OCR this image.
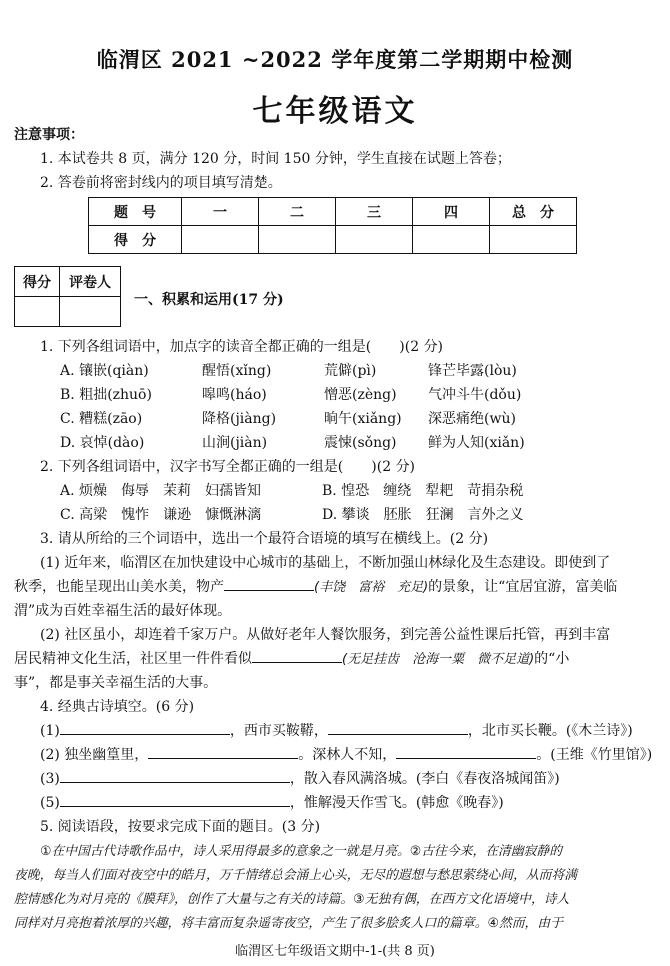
临渭区 2021 ~2022 学年度第二学期期中检测
七年级语文
注意事项：
1. 本试卷共 8 页，满分 120 分，时间 150 分钟，学生直接在试题上答卷；
2. 答卷前将密封线内的项目填写清楚。
题　号	一	二	三	四	总　分
得　分					
得分	评卷人

一、积累和运用(17 分)
1. 下列各组词语中，加点字的读音全都正确的一组是( )(2 分)
A. 镶嵌(qiàn)	醒悟(xǐng)	荒僻(pì)	锋芒毕露(lòu)
B. 粗拙(zhuō)	嗥鸣(háo)	憎恶(zèng) 气冲斗牛(dǒu)
C. 糟糕(zāo)	降格(jiàng)	晌午(xiǎng) 深恶痛绝(wù)
D. 哀悼(dào)	山涧(jiàn)	震悚(sǒng) 鲜为人知(xiǎn)
2. 下列各组词语中，汉字书写全都正确的一组是( )(2 分)
A. 烦燥　侮辱　茉莉　妇孺皆知	B. 惶恐　缠绕　犁耙　苛捐杂税
C. 高梁　愧怍　谦逊　慷慨淋漓	D. 攀谈　胚胀　狂澜　言外之义
3. 请从所给的三个词语中，选出一个最符合语境的填写在横线上。(2 分)
(1) 近年来，临渭区在加快建设中心城市的基础上，不断加强山林绿化及生态建设。即使到了
秋季，也能呈现出山美水美，物产	(丰饶　富裕　充足)的景象，让“宜居宜游，富美临
渭”成为百姓幸福生活的最好体现。
(2) 社区虽小，却连着千家万户。从做好老年人餐饮服务，到完善公益性课后托管，再到丰富
居民精神文化生活，社区里一件件看似	(无足挂齿　沧海一粟　微不足道)的“小
事”，都是事关幸福生活的大事。
4. 经典古诗填空。(6 分)
(1)	，西市买鞍鞯，	，北市买长鞭。(《木兰诗》)
(2) 独坐幽篁里，	。深林人不知，	。(王维《竹里馆》)
(3)	，散入春风满洛城。(李白《春夜洛城闻笛》)
(5)	，惟解漫天作雪飞。(韩愈《晚春》)
5. 阅读语段，按要求完成下面的题目。(3 分)
①在中国古代诗歌作品中，诗人采用得最多的意象之一就是月亮。②古往今来，在清幽寂静的
夜晚，每当人们面对夜空中的皓月，万千情绪总会涌上心头，无尽的遐想与愁思萦绕心间，从而将满
腔情感化为对月亮的《膜拜》，创作了大量与之有关的诗篇。③无独有偶，在西方文化语境中，诗人
同样对月亮抱着浓厚的兴趣，将丰富而复杂遥寄夜空，产生了很多脍炙人口的篇章。④然而，由于
临渭区七年级语文期中-1-(共 8 页)
